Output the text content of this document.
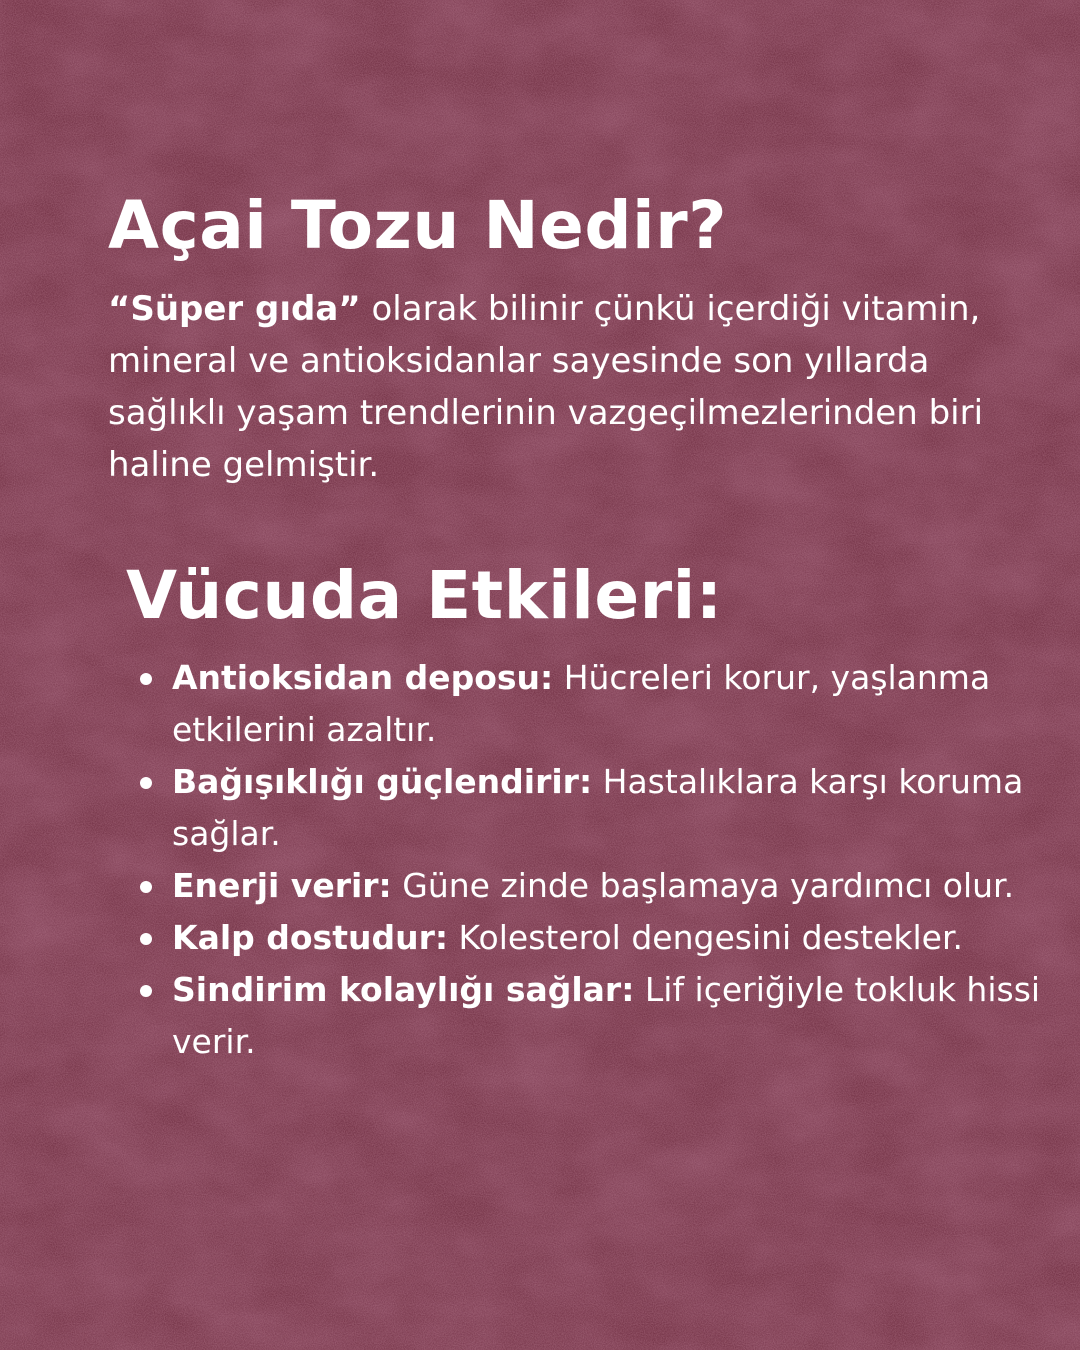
Açai Tozu Nedir?

“Süper gıda” olarak bilinir çünkü içerdiği vitamin, mineral ve antioksidanlar sayesinde son yıllarda sağlıklı yaşam trendlerinin vazgeçilmezlerinden biri haline gelmiştir.

Vücuda Etkileri:
Antioksidan deposu: Hücreleri korur, yaşlanma etkilerini azaltır.
Bağışıklığı güçlendirir: Hastalıklara karşı koruma sağlar.
Enerji verir: Güne zinde başlamaya yardımcı olur.
Kalp dostudur: Kolesterol dengesini destekler.
Sindirim kolaylığı sağlar: Lif içeriğiyle tokluk hissi verir.
